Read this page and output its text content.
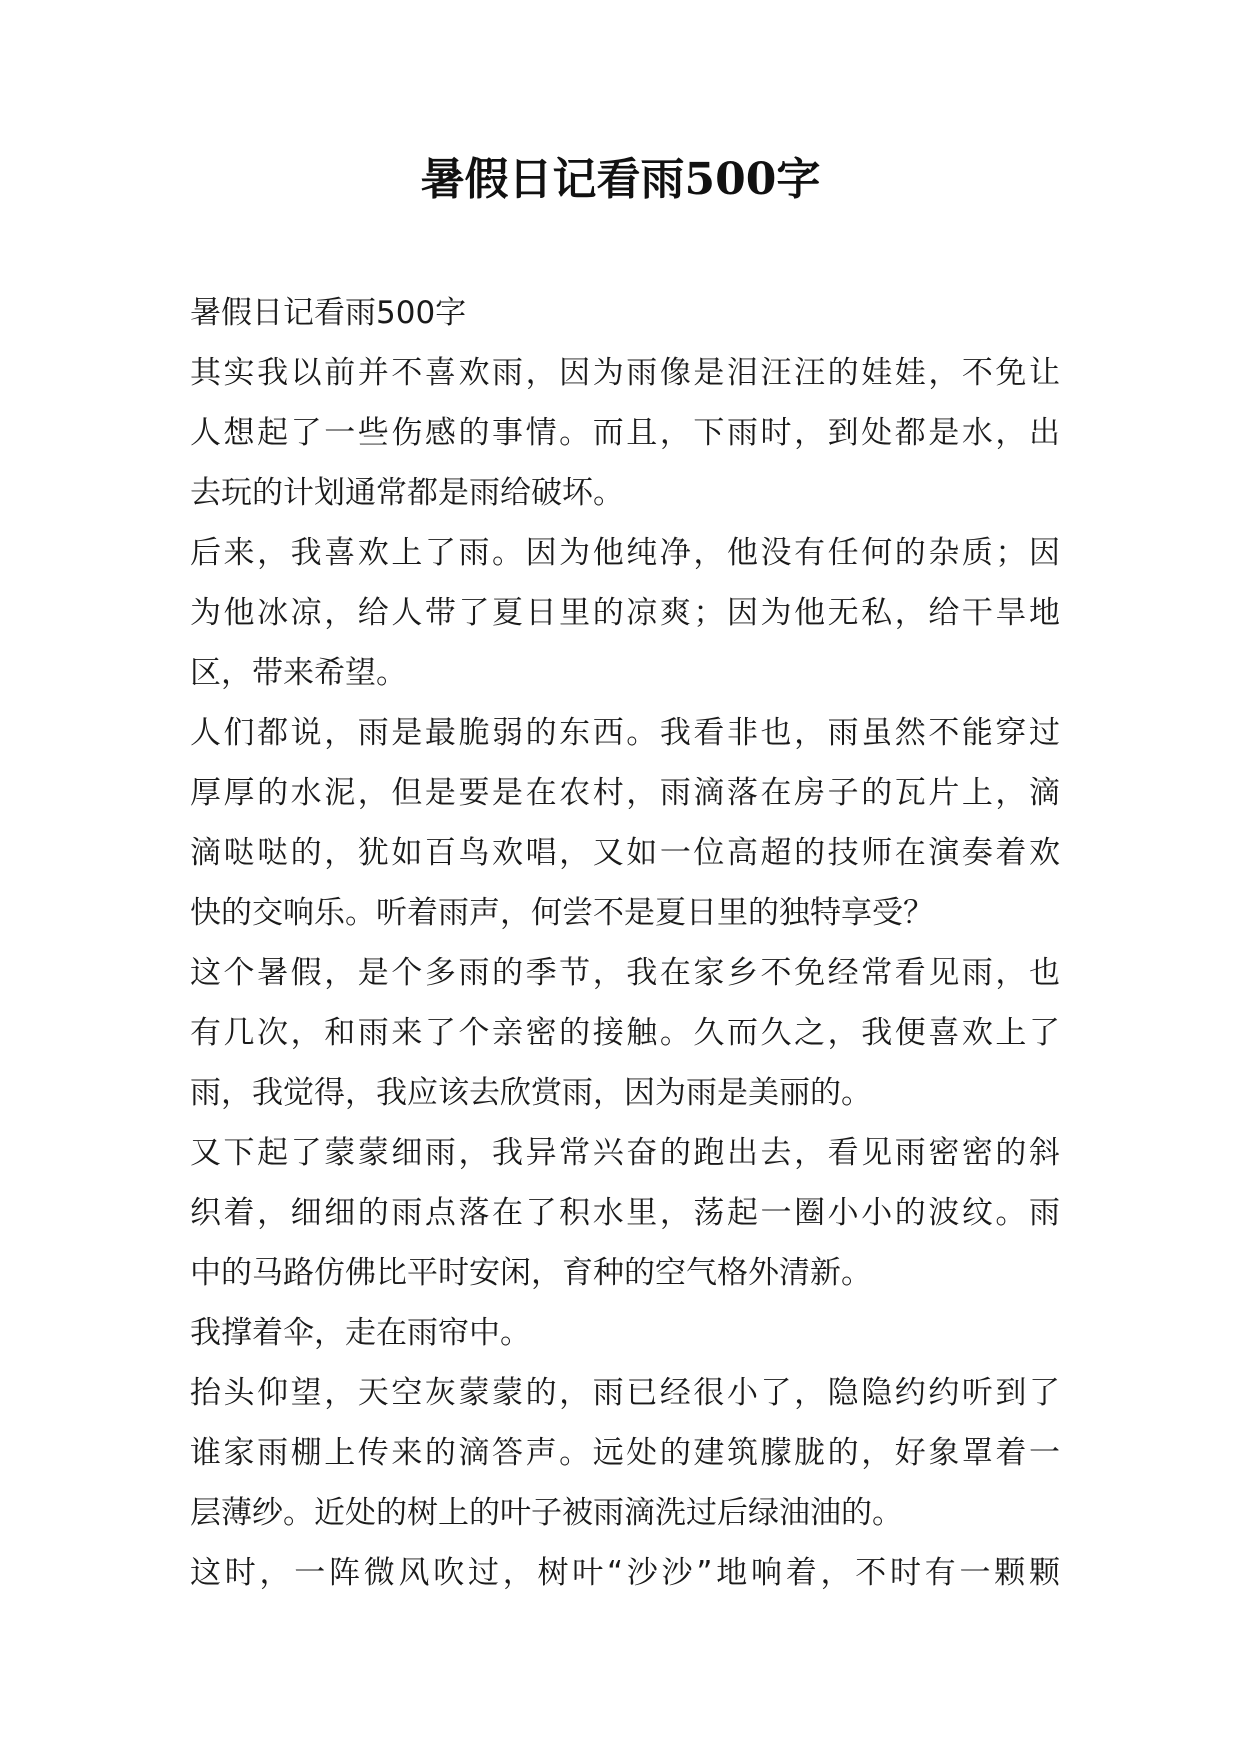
暑假日记看雨500字
暑假日记看雨500字
其实我以前并不喜欢雨，因为雨像是泪汪汪的娃娃，不免让
人想起了一些伤感的事情。而且，下雨时，到处都是水，出
去玩的计划通常都是雨给破坏。
后来，我喜欢上了雨。因为他纯净，他没有任何的杂质；因
为他冰凉，给人带了夏日里的凉爽；因为他无私，给干旱地
区，带来希望。
人们都说，雨是最脆弱的东西。我看非也，雨虽然不能穿过
厚厚的水泥，但是要是在农村，雨滴落在房子的瓦片上，滴
滴哒哒的，犹如百鸟欢唱，又如一位高超的技师在演奏着欢
快的交响乐。听着雨声，何尝不是夏日里的独特享受？
这个暑假，是个多雨的季节，我在家乡不免经常看见雨，也
有几次，和雨来了个亲密的接触。久而久之，我便喜欢上了
雨，我觉得，我应该去欣赏雨，因为雨是美丽的。
又下起了蒙蒙细雨，我异常兴奋的跑出去，看见雨密密的斜
织着，细细的雨点落在了积水里，荡起一圈小小的波纹。雨
中的马路仿佛比平时安闲，育种的空气格外清新。
我撑着伞，走在雨帘中。
抬头仰望，天空灰蒙蒙的，雨已经很小了，隐隐约约听到了
谁家雨棚上传来的滴答声。远处的建筑朦胧的，好象罩着一
层薄纱。近处的树上的叶子被雨滴洗过后绿油油的。
这时，一阵微风吹过，树叶“沙沙”地响着，不时有一颗颗
